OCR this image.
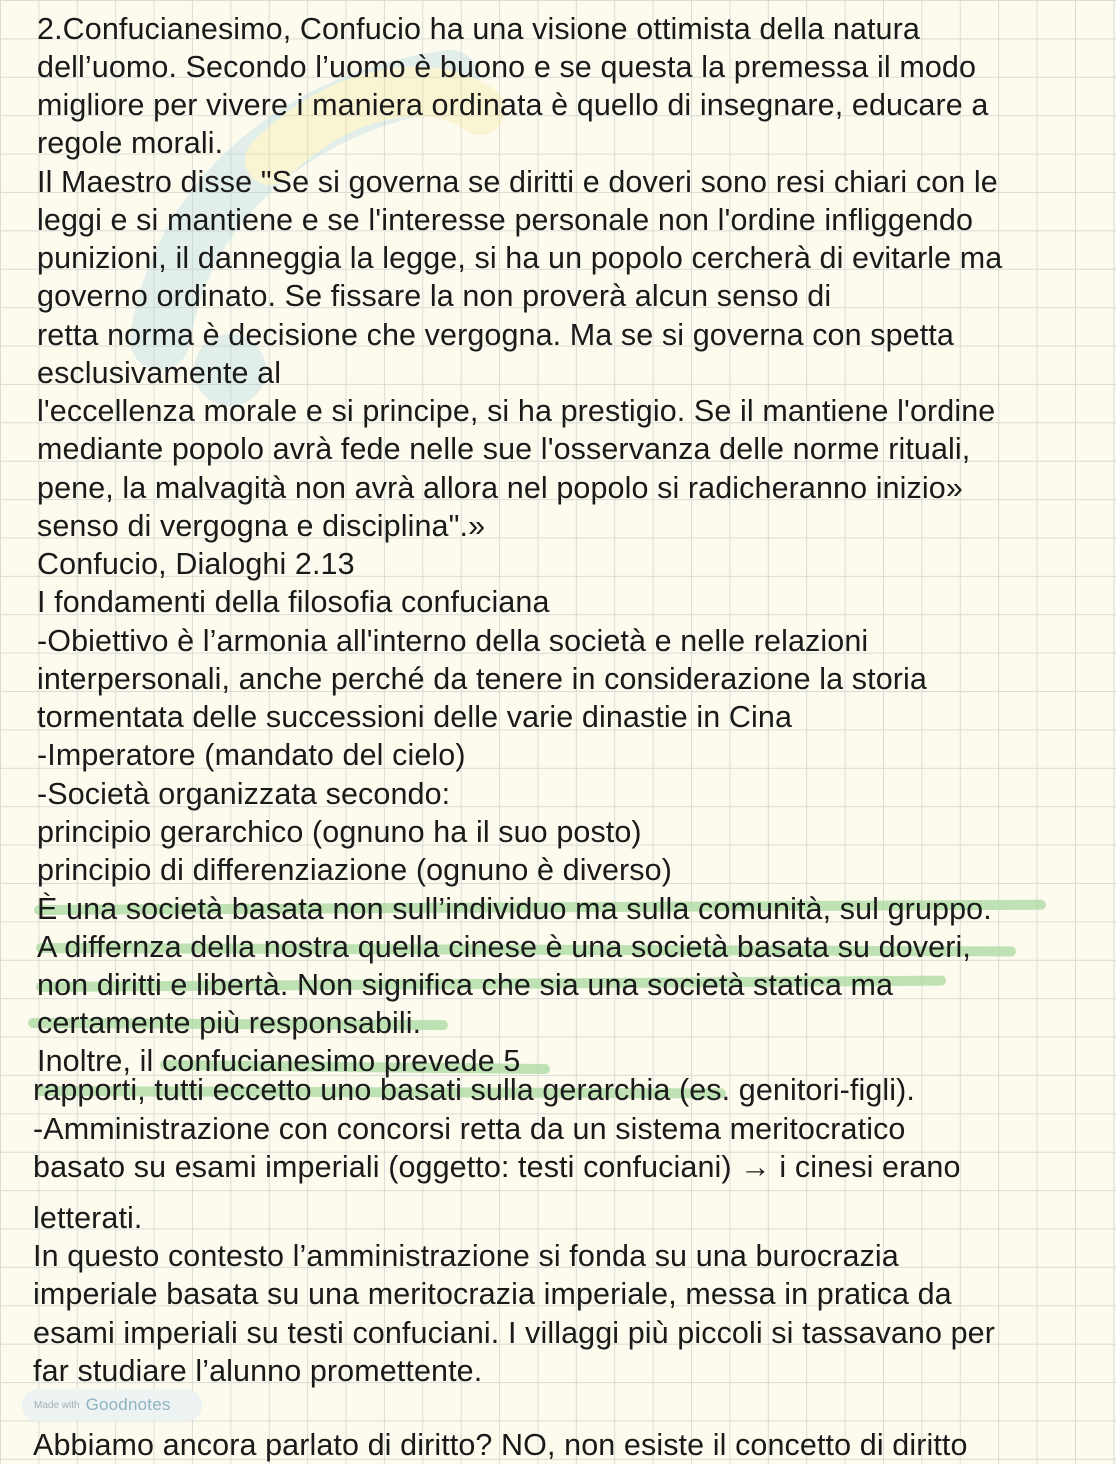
2.Confucianesimo, Confucio ha una visione ottimista della natura
dell’uomo. Secondo l’uomo è buono e se questa la premessa il modo
migliore per vivere i maniera ordinata è quello di insegnare, educare a
regole morali.
Il Maestro disse "Se si governa se diritti e doveri sono resi chiari con le
leggi e si mantiene e se l'interesse personale non l'ordine infliggendo
punizioni, il danneggia la legge, si ha un popolo cercherà di evitarle ma
governo ordinato. Se fissare la non proverà alcun senso di
retta norma è decisione che vergogna. Ma se si governa con spetta
esclusivamente al
l'eccellenza morale e si principe, si ha prestigio. Se il mantiene l'ordine
mediante popolo avrà fede nelle sue l'osservanza delle norme rituali,
pene, la malvagità non avrà allora nel popolo si radicheranno inizio»
senso di vergogna e disciplina".»
Confucio, Dialoghi 2.13
I fondamenti della filosofia confuciana
-Obiettivo è l’armonia all'interno della società e nelle relazioni
interpersonali, anche perché da tenere in considerazione la storia
tormentata delle successioni delle varie dinastie in Cina
-Imperatore (mandato del cielo)
-Società organizzata secondo:
principio gerarchico (ognuno ha il suo posto)
principio di differenziazione (ognuno è diverso)
È una società basata non sull’individuo ma sulla comunità, sul gruppo.
A differnza della nostra quella cinese è una società basata su doveri,
non diritti e libertà. Non significa che sia una società statica ma
certamente più responsabili.
Inoltre, il confucianesimo prevede 5
rapporti, tutti eccetto uno basati sulla gerarchia (es. genitori-figli).
-Amministrazione con concorsi retta da un sistema meritocratico
basato su esami imperiali (oggetto: testi confuciani) → i cinesi erano
letterati.
In questo contesto l’amministrazione si fonda su una burocrazia
imperiale basata su una meritocrazia imperiale, messa in pratica da
esami imperiali su testi confuciani. I villaggi più piccoli si tassavano per
far studiare l’alunno promettente.
Abbiamo ancora parlato di diritto? NO, non esiste il concetto di diritto
Made with Goodnotes
